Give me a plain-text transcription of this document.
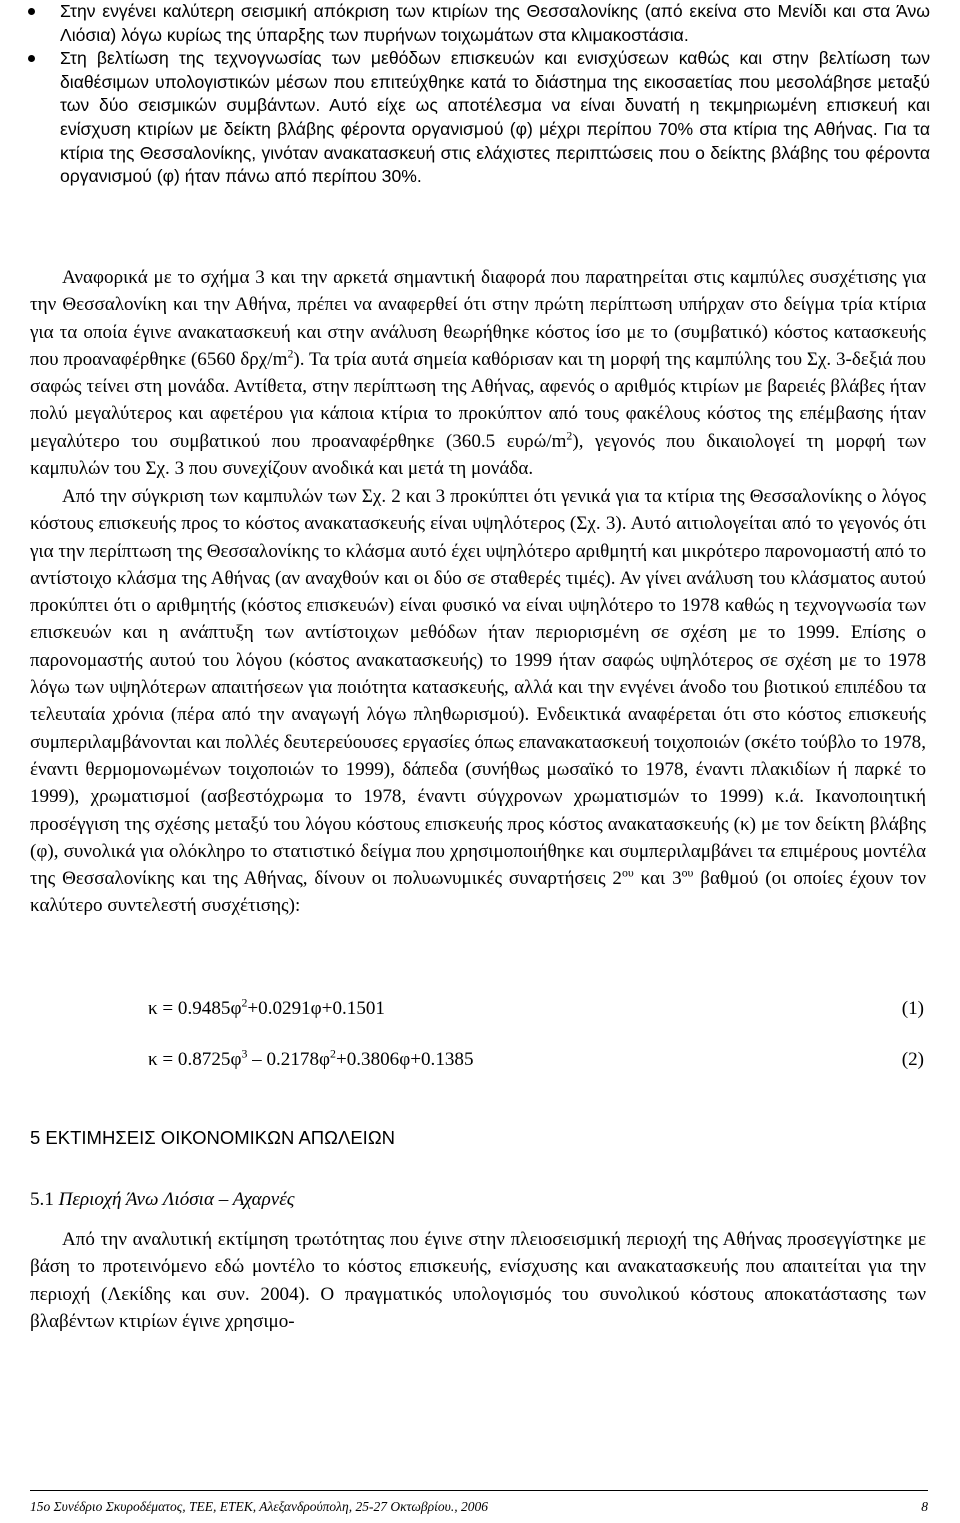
Στην ενγένει καλύτερη σεισμική απόκριση των κτιρίων της Θεσσαλονίκης (από εκείνα στο Μενίδι και στα Άνω Λιόσια) λόγω κυρίως της ύπαρξης των πυρήνων τοιχωμάτων στα κλιμακοστάσια.
Στη βελτίωση της τεχνογνωσίας των μεθόδων επισκευών και ενισχύσεων καθώς και στην βελτίωση των διαθέσιμων υπολογιστικών μέσων που επιτεύχθηκε κατά το διάστημα της εικοσαετίας που μεσολάβησε μεταξύ των δύο σεισμικών συμβάντων. Αυτό είχε ως αποτέλεσμα να είναι δυνατή η τεκμηριωμένη επισκευή και ενίσχυση κτιρίων με δείκτη βλάβης φέροντα οργανισμού (φ) μέχρι περίπου 70% στα κτίρια της Αθήνας. Για τα κτίρια της Θεσσαλονίκης, γινόταν ανακατασκευή στις ελάχιστες περιπτώσεις που ο δείκτης βλάβης του φέροντα οργανισμού (φ) ήταν πάνω από περίπου 30%.

Αναφορικά με το σχήμα 3 και την αρκετά σημαντική διαφορά που παρατηρείται στις καμπύλες συσχέτισης για την Θεσσαλονίκη και την Αθήνα, πρέπει να αναφερθεί ότι στην πρώτη περίπτωση υπήρχαν στο δείγμα τρία κτίρια για τα οποία έγινε ανακατασκευή και στην ανάλυση θεωρήθηκε κόστος ίσο με το (συμβατικό) κόστος κατασκευής που προαναφέρθηκε (6560 δρχ/$m^2$). Τα τρία αυτά σημεία καθόρισαν και τη μορφή της καμπύλης του Σχ. 3-δεξιά που σαφώς τείνει στη μονάδα. Αντίθετα, στην περίπτωση της Αθήνας, αφενός ο αριθμός κτιρίων με βαρειές βλάβες ήταν πολύ μεγαλύτερος και αφετέρου για κάποια κτίρια το προκύπτον από τους φακέλους κόστος της επέμβασης ήταν μεγαλύτερο του συμβατικού που προαναφέρθηκε (360.5 ευρώ/$m^2$), γεγονός που δικαιολογεί τη μορφή των καμπυλών του Σχ. 3 που συνεχίζουν ανοδικά και μετά τη μονάδα.

Από την σύγκριση των καμπυλών των Σχ. 2 και 3 προκύπτει ότι γενικά για τα κτίρια της Θεσσαλονίκης ο λόγος κόστους επισκευής προς το κόστος ανακατασκευής είναι υψηλότερος (Σχ. 3). Αυτό αιτιολογείται από το γεγονός ότι για την περίπτωση της Θεσσαλονίκης το κλάσμα αυτό έχει υψηλότερο αριθμητή και μικρότερο παρονομαστή από το αντίστοιχο κλάσμα της Αθήνας (αν αναχθούν και οι δύο σε σταθερές τιμές). Αν γίνει ανάλυση του κλάσματος αυτού προκύπτει ότι ο αριθμητής (κόστος επισκευών) είναι φυσικό να είναι υψηλότερο το 1978 καθώς η τεχνογνωσία των επισκευών και η ανάπτυξη των αντίστοιχων μεθόδων ήταν περιορισμένη σε σχέση με το 1999. Επίσης ο παρονομαστής αυτού του λόγου (κόστος ανακατασκευής) το 1999 ήταν σαφώς υψηλότερος σε σχέση με το 1978 λόγω των υψηλότερων απαιτήσεων για ποιότητα κατασκευής, αλλά και την ενγένει άνοδο του βιοτικού επιπέδου τα τελευταία χρόνια (πέρα από την αναγωγή λόγω πληθωρισμού). Ενδεικτικά αναφέρεται ότι στο κόστος επισκευής συμπεριλαμβάνονται και πολλές δευτερεύουσες εργασίες όπως επανακατασκευή τοιχοποιών (σκέτο τούβλο το 1978, έναντι θερμομονωμένων τοιχοποιών το 1999), δάπεδα (συνήθως μωσαϊκό το 1978, έναντι πλακιδίων ή παρκέ το 1999), χρωματισμοί (ασβεστόχρωμα το 1978, έναντι σύγχρονων χρωματισμών το 1999) κ.ά. Ικανοποιητική προσέγγιση της σχέσης μεταξύ του λόγου κόστους επισκευής προς κόστος ανακατασκευής (κ) με τον δείκτη βλάβης (φ), συνολικά για ολόκληρο το στατιστικό δείγμα που χρησιμοποιήθηκε και συμπεριλαμβάνει τα επιμέρους μοντέλα της Θεσσαλονίκης και της Αθήνας, δίνουν οι πολυωνυμικές συναρτήσεις $2^{o\upsilon}$ και $3^{o\upsilon}$ βαθμού (οι οποίες έχουν τον καλύτερο συντελεστή συσχέτισης):

$\kappa = 0.9485\varphi^2+0.0291\varphi+0.1501$	(1)
$\kappa = 0.8725\varphi^3 - 0.2178\varphi^2+0.3806\varphi+0.1385$	(2)
5 ΕΚΤΙΜΗΣΕΙΣ ΟΙΚΟΝΟΜΙΚΩΝ ΑΠΩΛΕΙΩΝ
5.1 Περιοχή Άνω Λιόσια – Αχαρνές

Από την αναλυτική εκτίμηση τρωτότητας που έγινε στην πλειοσεισμική περιοχή της Αθήνας προσεγγίστηκε με βάση το προτεινόμενο εδώ μοντέλο το κόστος επισκευής, ενίσχυσης και ανακατασκευής που απαιτείται για την περιοχή (Λεκίδης και συν. 2004). Ο πραγματικός υπολογισμός του συνολικού κόστους αποκατάστασης των βλαβέντων κτιρίων έγινε χρησιμο-

15ο Συνέδριο Σκυροδέματος, ΤΕΕ, ΕΤΕΚ, Αλεξανδρούπολη, 25-27 Οκτωβρίου., 2006	8
